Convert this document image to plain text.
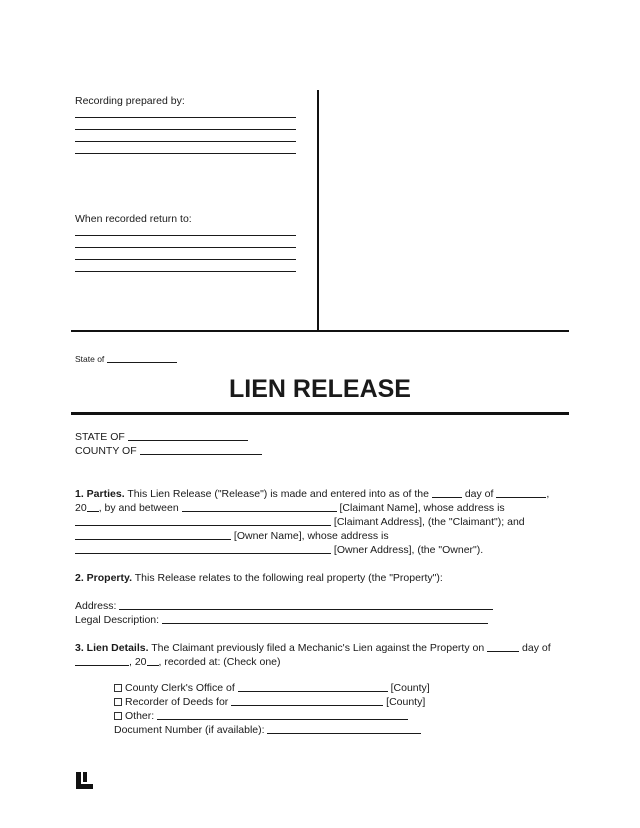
Recording prepared by:
When recorded return to:
State of
LIEN RELEASE
STATE OF
COUNTY OF
1. Parties. This Lien Release ("Release") is made and entered into as of the	day of	,
20 , by and between	[Claimant Name], whose address is
[Claimant Address], (the "Claimant"); and
[Owner Name], whose address is
[Owner Address], (the "Owner").
2. Property. This Release relates to the following real property (the "Property"):
Address:
Legal Description:
3. Lien Details. The Claimant previously filed a Mechanic's Lien against the Property on	day of
, 20 , recorded at: (Check one)
County Clerk's Office of	[County]
Recorder of Deeds for	[County]
Other:
Document Number (if available):
